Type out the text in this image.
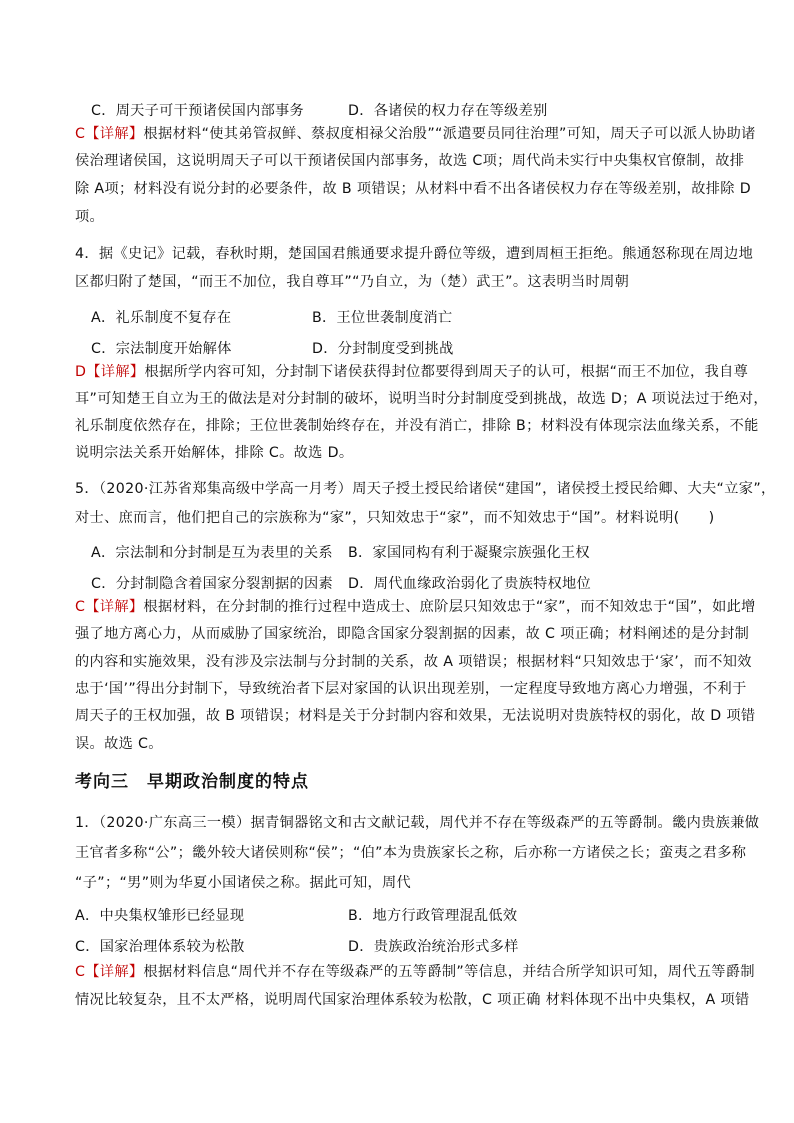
C．周天子可干预诸侯国内部事务	D．各诸侯的权力存在等级差别
C【详解】根据材料“使其弟管叔鲜、蔡叔度相禄父治殷”“派遣要员同往治理”可知，周天子可以派人协助诸
侯治理诸侯国，这说明周天子可以干预诸侯国内部事务，故选 C项；周代尚未实行中央集权官僚制，故排
除 A项；材料没有说分封的必要条件，故 B 项错误；从材料中看不出各诸侯权力存在等级差别，故排除 D
项。
4．据《史记》记载，春秋时期，楚国国君熊通要求提升爵位等级，遭到周桓王拒绝。熊通怒称现在周边地
区都归附了楚国，“而王不加位，我自尊耳”“乃自立，为（楚）武王”。这表明当时周朝
A．礼乐制度不复存在	B．王位世袭制度消亡
C．宗法制度开始解体	D．分封制度受到挑战
D【详解】根据所学内容可知，分封制下诸侯获得封位都要得到周天子的认可，根据“而王不加位，我自尊
耳”可知楚王自立为王的做法是对分封制的破坏，说明当时分封制度受到挑战，故选 D；A 项说法过于绝对，
礼乐制度依然存在，排除；王位世袭制始终存在，并没有消亡，排除 B；材料没有体现宗法血缘关系，不能
说明宗法关系开始解体，排除 C。故选 D。
5．（2020·江苏省郑集高级中学高一月考）周天子授土授民给诸侯“建国”，诸侯授土授民给卿、大夫“立家”，
对士、庶而言，他们把自己的宗族称为“家”，只知效忠于“家”，而不知效忠于“国”。材料说明(　　)
A．宗法制和分封制是互为表里的关系 B．家国同构有利于凝聚宗族强化王权
C．分封制隐含着国家分裂割据的因素 D．周代血缘政治弱化了贵族特权地位
C【详解】根据材料，在分封制的推行过程中造成士、庶阶层只知效忠于“家”，而不知效忠于“国”，如此增
强了地方离心力，从而威胁了国家统治，即隐含国家分裂割据的因素，故 C 项正确；材料阐述的是分封制
的内容和实施效果，没有涉及宗法制与分封制的关系，故 A 项错误；根据材料“只知效忠于‘家’，而不知效
忠于‘国’”得出分封制下，导致统治者下层对家国的认识出现差别，一定程度导致地方离心力增强，不利于
周天子的王权加强，故 B 项错误；材料是关于分封制内容和效果，无法说明对贵族特权的弱化，故 D 项错
误。故选 C。
考向三　早期政治制度的特点
1．（2020·广东高三一模）据青铜器铭文和古文献记载，周代并不存在等级森严的五等爵制。畿内贵族兼做
王官者多称“公”；畿外较大诸侯则称“侯”；“伯”本为贵族家长之称，后亦称一方诸侯之长；蛮夷之君多称
“子”；“男”则为华夏小国诸侯之称。据此可知，周代
A．中央集权雏形已经显现	B．地方行政管理混乱低效
C．国家治理体系较为松散	D．贵族政治统治形式多样
C【详解】根据材料信息“周代并不存在等级森严的五等爵制”等信息，并结合所学知识可知，周代五等爵制
情况比较复杂，且不太严格，说明周代国家治理体系较为松散，C 项正确 材料体现不出中央集权，A 项错
